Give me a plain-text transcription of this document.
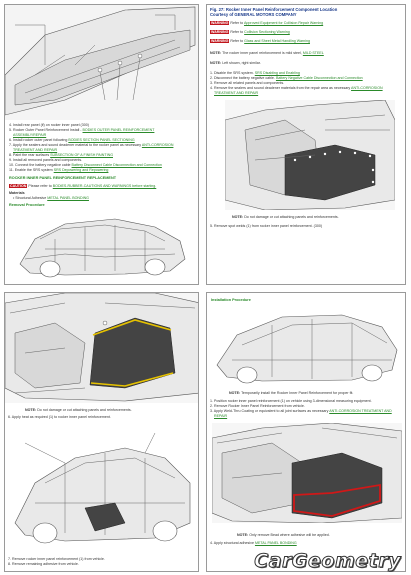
4. Install rear panel (if) on rocker inner panel (300)
5. Rocker Outer Panel Reinforcement Install - BODIES OUTER PANEL REINFORCEMENT
ASSEMBLY/REPAIR
6. Install rocker outer panel following BODIES SECTION PANEL SECTIONING
7. Apply the sealers and sound deadener material to the rocker panel as necessary ANTI-CORROSION
TREATMENT AND REPAIR
8. Paint the rear surfaces SUBSECTION OF A FINISH PAINTING
9. Install all removed panels and components.
10. Connect the battery negative cable Battery Disconnect Cable Disconnection and Connection
11. Enable the SRS system SRS Depowering and Repowering
ROCKER INNER PANEL REINFORCEMENT REPLACEMENT
CAUTION Please refer to BODIES-RUBBER-CAUTIONS AND WARNINGS before starting.
Materials
• Structural Adhesive METAL PANEL BONDING
Removal Procedure
Fig. 27: Rocker Inner Panel Reinforcement Component Location
Courtesy of GENERAL MOTORS COMPANY
WARNING Refer to Approved Equipment for Collision Repair Warning
WARNING Refer to Collision Sectioning Warning
WARNING Refer to Glass and Sheet Metal Handling Warning
NOTE: The rocker inner panel reinforcement is mild steel, MILD STEEL
NOTE: Left shown, right similar.
1. Disable the SRS system. SRS Disabling and Enabling
2. Disconnect the battery negative cable. Battery Negative Cable Disconnection and Connection
3. Remove all related panels and components.
4. Remove the sealers and sound deadener materials from the repair area as necessary ANTI-CORROSION
TREATMENT AND REPAIR
NOTE: Do not damage or cut attaching panels and reinforcements.
5. Remove spot welds (1) from rocker inner panel reinforcement. (300)
NOTE: Do not damage or cut attaching panels and reinforcements.
6. Apply heat as required (1) to rocker inner panel reinforcement.
7. Remove rocker inner panel reinforcement (1) from vehicle.
8. Remove remaining adhesive from vehicle.
Installation Procedure
NOTE: Temporarily install the Rocker Inner Panel Reinforcement for proper fit.
1. Position rocker inner panel reinforcement (1) on vehicle using 3-dimensional measuring equipment.
2. Remove Rocker Inner Panel Reinforcement from vehicle.
3. Apply Weld-Thru Coating or equivalent to all joint surfaces as necessary ANTI-CORROSION TREATMENT AND
REPAIR
NOTE: Only remove Bead where adhesive will be applied.
4. Apply structural adhesive METAL PANEL BONDING
CarGeometry
